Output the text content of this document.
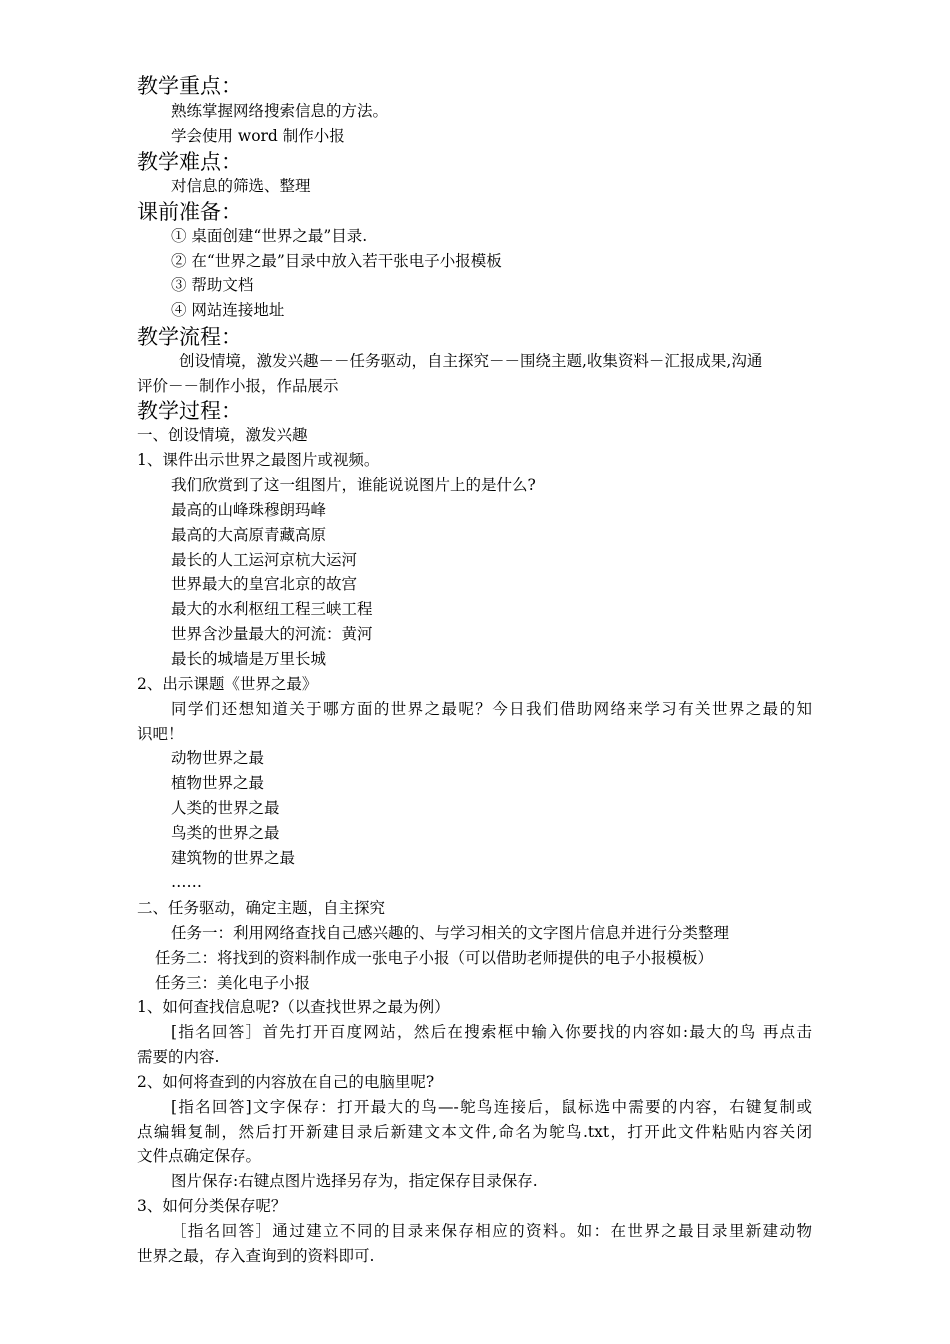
教学重点：
熟练掌握网络搜索信息的方法。
学会使用 word 制作小报
教学难点：
对信息的筛选、整理
课前准备：
① 桌面创建“世界之最”目录.
② 在“世界之最”目录中放入若干张电子小报模板
③ 帮助文档
④ 网站连接地址
教学流程：
创设情境，激发兴趣－－任务驱动，自主探究－－围绕主题,收集资料－汇报成果,沟通
评价－－制作小报，作品展示
教学过程：
一、创设情境，激发兴趣
1、课件出示世界之最图片或视频。
我们欣赏到了这一组图片，谁能说说图片上的是什么?
最高的山峰珠穆朗玛峰
最高的大高原青藏高原
最长的人工运河京杭大运河
世界最大的皇宫北京的故宫
最大的水利枢纽工程三峡工程
世界含沙量最大的河流：黄河
最长的城墙是万里长城
2、出示课题《世界之最》
同学们还想知道关于哪方面的世界之最呢？今日我们借助网络来学习有关世界之最的知
识吧！
动物世界之最
植物世界之最
人类的世界之最
鸟类的世界之最
建筑物的世界之最
……
二、任务驱动，确定主题，自主探究
任务一：利用网络查找自己感兴趣的、与学习相关的文字图片信息并进行分类整理
任务二：将找到的资料制作成一张电子小报（可以借助老师提供的电子小报模板）
任务三：美化电子小报
1、如何查找信息呢?（以查找世界之最为例）
[指名回答］首先打开百度网站，然后在搜索框中输入你要找的内容如:最大的鸟 再点击
需要的内容.
2、如何将查到的内容放在自己的电脑里呢?
[指名回答]文字保存：打开最大的鸟—-鸵鸟连接后，鼠标选中需要的内容，右键复制或
点编辑复制，然后打开新建目录后新建文本文件,命名为鸵鸟.txt，打开此文件粘贴内容关闭
文件点确定保存。
图片保存:右键点图片选择另存为，指定保存目录保存.
3、如何分类保存呢？
［指名回答］通过建立不同的目录来保存相应的资料。如：在世界之最目录里新建动物
世界之最，存入查询到的资料即可.
